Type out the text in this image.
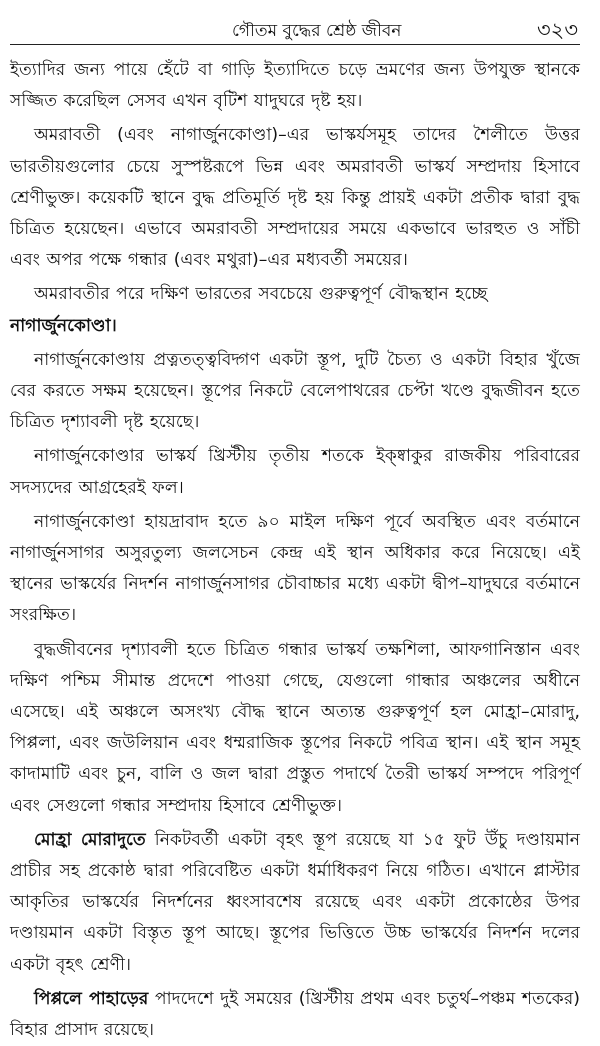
গৌতম বুদ্ধের শ্রেষ্ঠ জীবন	৩২৩

ইত্যাদির জন্য পায়ে হেঁটে বা গাড়ি ইত্যাদিতে চড়ে ভ্রমণের জন্য উপযুক্ত স্থানকে সজ্জিত করেছিল সেসব এখন বৃটিশ যাদুঘরে দৃষ্ট হয়।

অমরাবতী (এবং নাগার্জুনকোণ্ডা)–এর ভাস্কর্যসমূহ তাদের শৈলীতে উত্তর ভারতীয়গুলোর চেয়ে সুস্পষ্টরূপে ভিন্ন এবং অমরাবতী ভাস্কর্য সম্প্রদায় হিসাবে শ্রেণীভুক্ত। কয়েকটি স্থানে বুদ্ধ প্রতিমূর্তি দৃষ্ট হয় কিন্তু প্রায়ই একটা প্রতীক দ্বারা বুদ্ধ চিত্রিত হয়েছেন। এভাবে অমরাবতী সম্প্রদায়ের সময়ে একভাবে ভারহুত ও সাঁচী এবং অপর পক্ষে গন্ধার (এবং মথুরা)–এর মধ্যবর্তী সময়ের।

অমরাবতীর পরে দক্ষিণ ভারতের সবচেয়ে গুরুত্বপূর্ণ বৌদ্ধস্থান হচ্ছে

নাগার্জুনকোণ্ডা।

নাগার্জুনকোণ্ডায় প্রত্নতত্ত্ববিদ্গণ একটা স্তূপ, দুটি চৈত্য ও একটা বিহার খুঁজে বের করতে সক্ষম হয়েছেন। স্তূপের নিকটে বেলেপাথরের চেপ্টা খণ্ডে বুদ্ধজীবন হতে চিত্রিত দৃশ্যাবলী দৃষ্ট হয়েছে।

নাগার্জুনকোণ্ডার ভাস্কর্য খ্রিস্টীয় তৃতীয় শতকে ইক্ষ্বাকুর রাজকীয় পরিবারের সদস্যদের আগ্রহেরই ফল।

নাগার্জুনকোণ্ডা হায়দ্রাবাদ হতে ৯০ মাইল দক্ষিণ পূর্বে অবস্থিত এবং বর্তমানে নাগার্জুনসাগর অসুরতুল্য জলসেচন কেন্দ্র এই স্থান অধিকার করে নিয়েছে। এই স্থানের ভাস্কর্যের নিদর্শন নাগার্জুনসাগর চৌবাচ্চার মধ্যে একটা দ্বীপ–যাদুঘরে বর্তমানে সংরক্ষিত।

বুদ্ধজীবনের দৃশ্যাবলী হতে চিত্রিত গন্ধার ভাস্কর্য তক্ষশিলা, আফগানিস্তান এবং দক্ষিণ পশ্চিম সীমান্ত প্রদেশে পাওয়া গেছে, যেগুলো গান্ধার অঞ্চলের অধীনে এসেছে। এই অঞ্চলে অসংখ্য বৌদ্ধ স্থানে অত্যন্ত গুরুত্বপূর্ণ হল মোহ্রা–মোরাদু, পিপ্পলা, এবং জউলিয়ান এবং ধম্মরাজিক স্তূপের নিকটে পবিত্র স্থান। এই স্থান সমূহ কাদামাটি এবং চুন, বালি ও জল দ্বারা প্রস্তুত পদার্থে তৈরী ভাস্কর্য সম্পদে পরিপূর্ণ এবং সেগুলো গন্ধার সম্প্রদায় হিসাবে শ্রেণীভুক্ত।

মোহ্রা মোরাদুতে নিকটবর্তী একটা বৃহৎ স্তূপ রয়েছে যা ১৫ ফুট উঁচু দণ্ডায়মান প্রাচীর সহ প্রকোষ্ঠ দ্বারা পরিবেষ্টিত একটা ধর্মাধিকরণ নিয়ে গঠিত। এখানে প্লাস্টার আকৃতির ভাস্কর্যের নিদর্শনের ধ্বংসাবশেষ রয়েছে এবং একটা প্রকোষ্ঠের উপর দণ্ডায়মান একটা বিস্তৃত স্তূপ আছে। স্তূপের ভিত্তিতে উচ্চ ভাস্কর্যের নিদর্শন দলের একটা বৃহৎ শ্রেণী।

পিপ্পলে পাহাড়ের পাদদেশে দুই সময়ের (খ্রিস্টীয় প্রথম এবং চতুর্থ–পঞ্চম শতকের) বিহার প্রাসাদ রয়েছে।
